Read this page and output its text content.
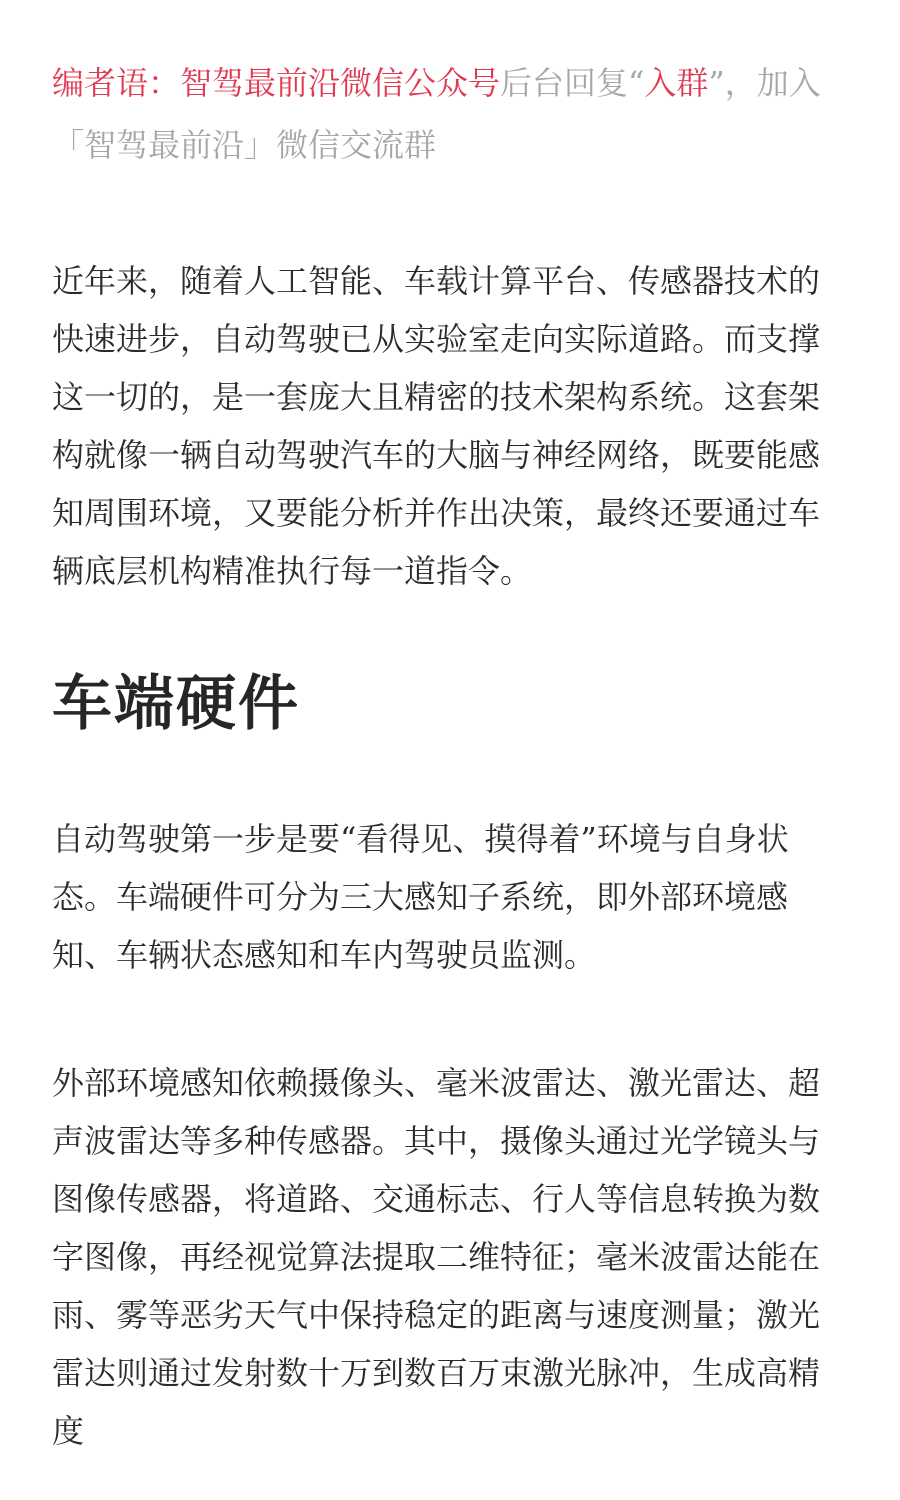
编者语：智驾最前沿微信公众号后台回复“入群”，加入「智驾最前沿」微信交流群

近年来，随着人工智能、车载计算平台、传感器技术的快速进步，自动驾驶已从实验室走向实际道路。而支撑这一切的，是一套庞大且精密的技术架构系统。这套架构就像一辆自动驾驶汽车的大脑与神经网络，既要能感知周围环境，又要能分析并作出决策，最终还要通过车辆底层机构精准执行每一道指令。

车端硬件

自动驾驶第一步是要“看得见、摸得着”环境与自身状态。车端硬件可分为三大感知子系统，即外部环境感知、车辆状态感知和车内驾驶员监测。

外部环境感知依赖摄像头、毫米波雷达、激光雷达、超声波雷达等多种传感器。其中，摄像头通过光学镜头与图像传感器，将道路、交通标志、行人等信息转换为数字图像，再经视觉算法提取二维特征；毫米波雷达能在雨、雾等恶劣天气中保持稳定的距离与速度测量；激光雷达则通过发射数十万到数百万束激光脉冲，生成高精度
